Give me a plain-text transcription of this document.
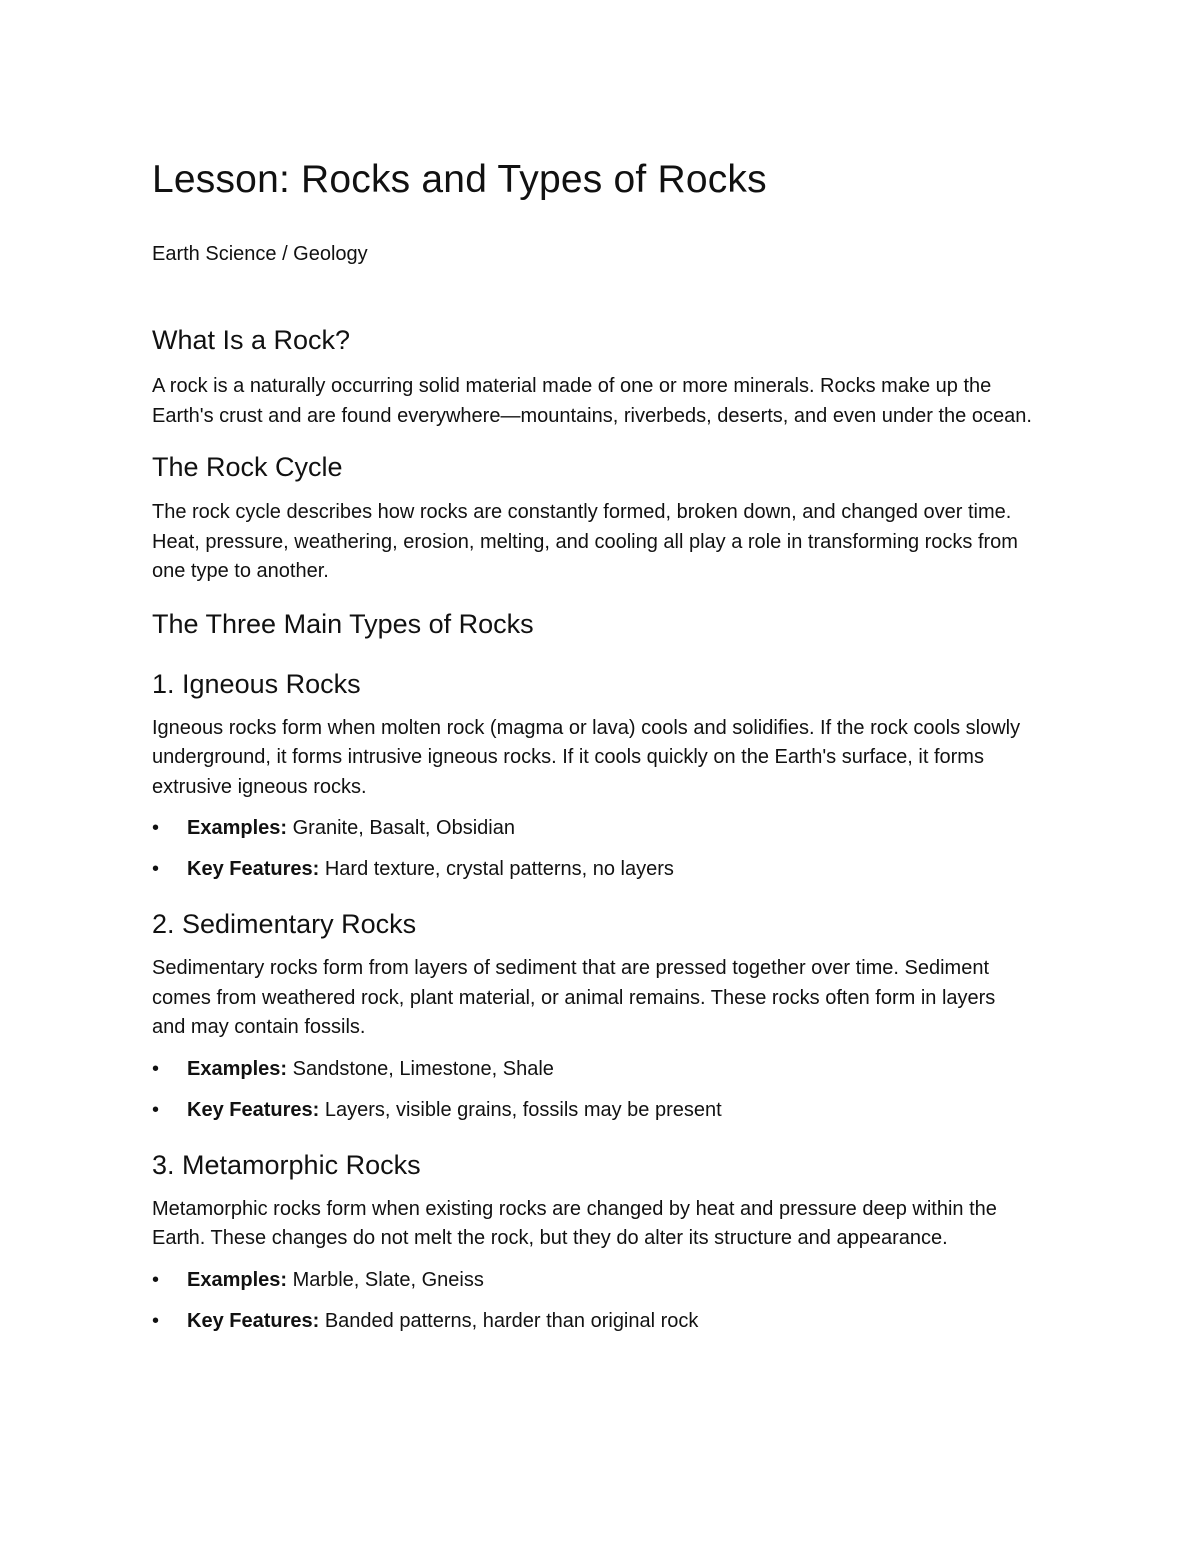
Lesson: Rocks and Types of Rocks
Earth Science / Geology
What Is a Rock?

A rock is a naturally occurring solid material made of one or more minerals. Rocks make up the Earth's crust and are found everywhere—mountains, riverbeds, deserts, and even under the ocean.

The Rock Cycle

The rock cycle describes how rocks are constantly formed, broken down, and changed over time. Heat, pressure, weathering, erosion, melting, and cooling all play a role in transforming rocks from one type to another.

The Three Main Types of Rocks
1. Igneous Rocks

Igneous rocks form when molten rock (magma or lava) cools and solidifies. If the rock cools slowly underground, it forms intrusive igneous rocks. If it cools quickly on the Earth's surface, it forms extrusive igneous rocks.

• Examples: Granite, Basalt, Obsidian
• Key Features: Hard texture, crystal patterns, no layers
2. Sedimentary Rocks

Sedimentary rocks form from layers of sediment that are pressed together over time. Sediment comes from weathered rock, plant material, or animal remains. These rocks often form in layers and may contain fossils.

• Examples: Sandstone, Limestone, Shale
• Key Features: Layers, visible grains, fossils may be present
3. Metamorphic Rocks

Metamorphic rocks form when existing rocks are changed by heat and pressure deep within the Earth. These changes do not melt the rock, but they do alter its structure and appearance.

• Examples: Marble, Slate, Gneiss
• Key Features: Banded patterns, harder than original rock
